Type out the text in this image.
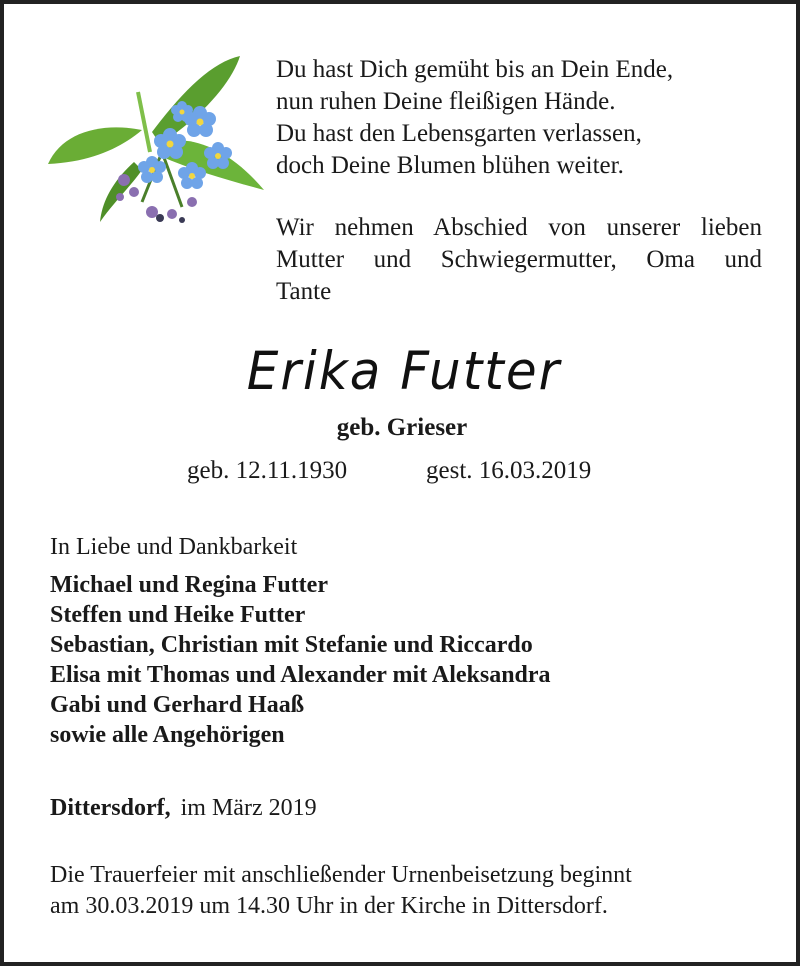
Du hast Dich gemüht bis an Dein Ende,

nun ruhen Deine fleißigen Hände.

Du hast den Lebensgarten verlassen,

doch Deine Blumen blühen weiter.

Wir nehmen Abschied von unserer lieben

Mutter und Schwiegermutter, Oma und

Tante

Erika Futter
geb. Grieser
geb. 12.11.1930	gest. 16.03.2019
In Liebe und Dankbarkeit
Michael und Regina Futter
Steffen und Heike Futter
Sebastian, Christian mit Stefanie und Riccardo
Elisa mit Thomas und Alexander mit Aleksandra
Gabi und Gerhard Haaß
sowie alle Angehörigen
Dittersdorf, im März 2019
Die Trauerfeier mit anschließender Urnenbeisetzung beginnt
am 30.03.2019 um 14.30 Uhr in der Kirche in Dittersdorf.
